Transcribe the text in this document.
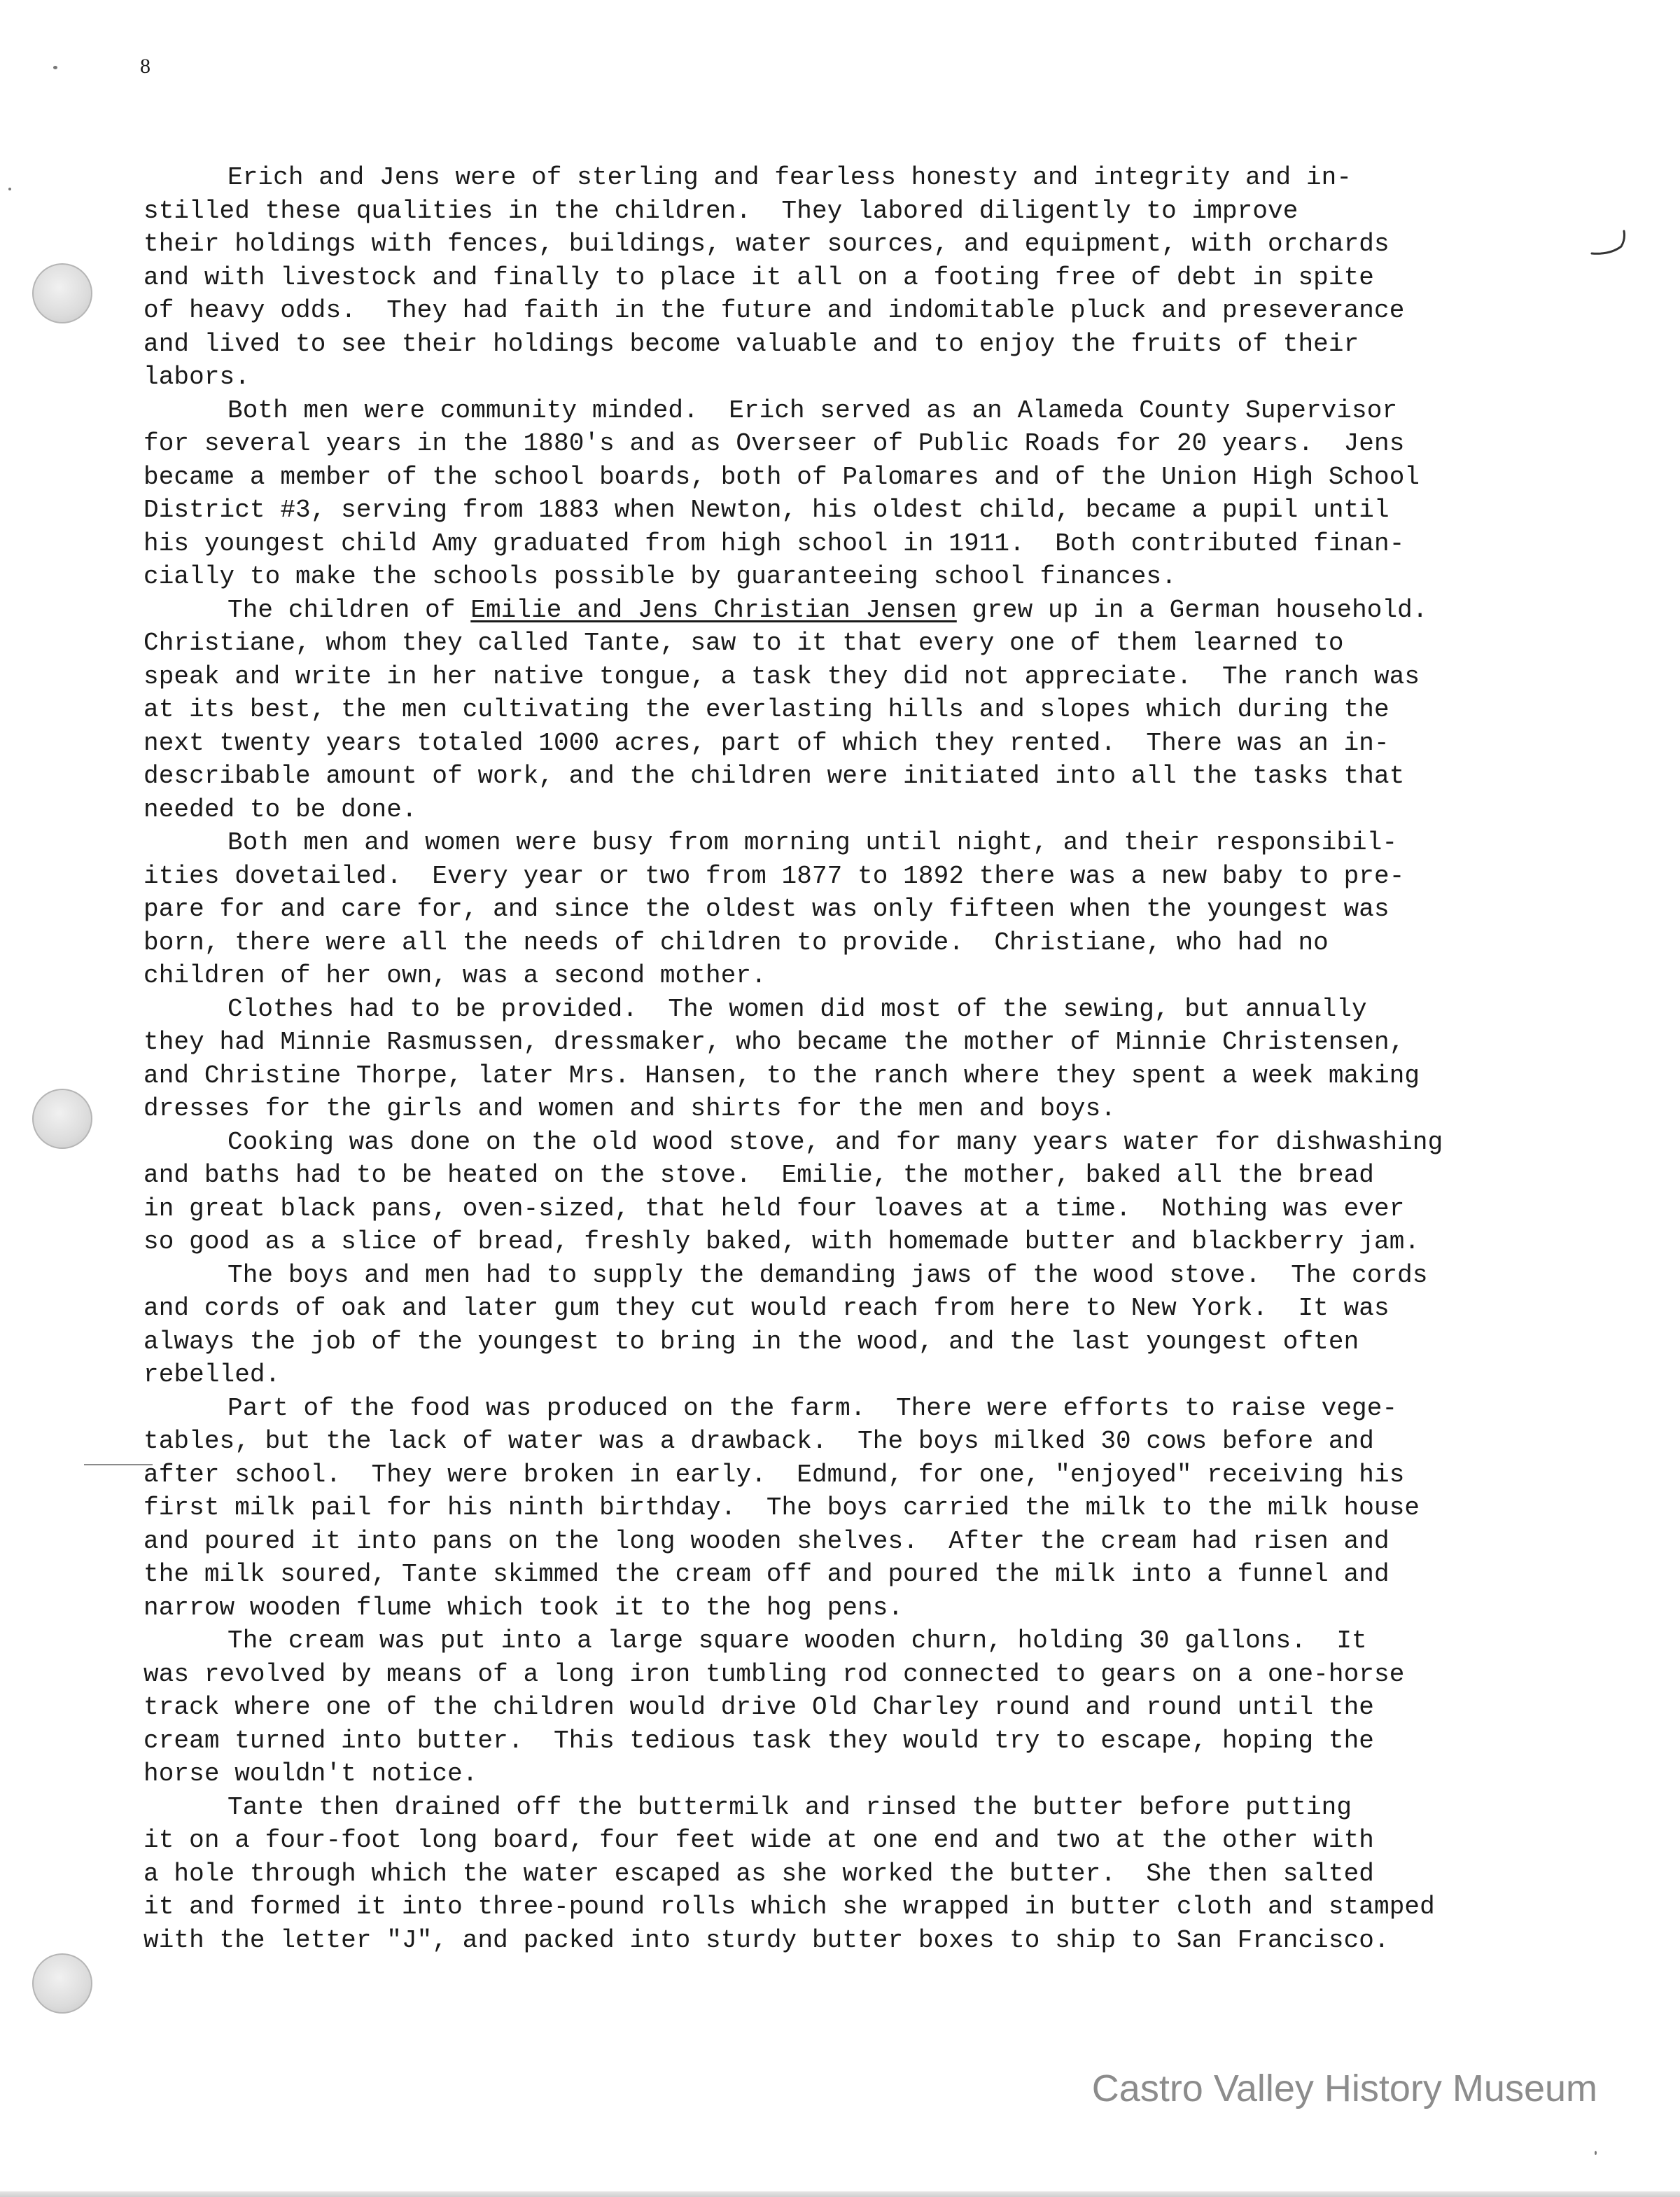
8
Erich and Jens were of sterling and fearless honesty and integrity and in-
stilled these qualities in the children.  They labored diligently to improve
their holdings with fences, buildings, water sources, and equipment, with orchards
and with livestock and finally to place it all on a footing free of debt in spite
of heavy odds.  They had faith in the future and indomitable pluck and preseverance
and lived to see their holdings become valuable and to enjoy the fruits of their
labors.
Both men were community minded.  Erich served as an Alameda County Supervisor
for several years in the 1880's and as Overseer of Public Roads for 20 years.  Jens
became a member of the school boards, both of Palomares and of the Union High School
District #3, serving from 1883 when Newton, his oldest child, became a pupil until
his youngest child Amy graduated from high school in 1911.  Both contributed finan-
cially to make the schools possible by guaranteeing school finances.
The children of Emilie and Jens Christian Jensen grew up in a German household.
Christiane, whom they called Tante, saw to it that every one of them learned to
speak and write in her native tongue, a task they did not appreciate.  The ranch was
at its best, the men cultivating the everlasting hills and slopes which during the
next twenty years totaled 1000 acres, part of which they rented.  There was an in-
describable amount of work, and the children were initiated into all the tasks that
needed to be done.
Both men and women were busy from morning until night, and their responsibil-
ities dovetailed.  Every year or two from 1877 to 1892 there was a new baby to pre-
pare for and care for, and since the oldest was only fifteen when the youngest was
born, there were all the needs of children to provide.  Christiane, who had no
children of her own, was a second mother.
Clothes had to be provided.  The women did most of the sewing, but annually
they had Minnie Rasmussen, dressmaker, who became the mother of Minnie Christensen,
and Christine Thorpe, later Mrs. Hansen, to the ranch where they spent a week making
dresses for the girls and women and shirts for the men and boys.
Cooking was done on the old wood stove, and for many years water for dishwashing
and baths had to be heated on the stove.  Emilie, the mother, baked all the bread
in great black pans, oven-sized, that held four loaves at a time.  Nothing was ever
so good as a slice of bread, freshly baked, with homemade butter and blackberry jam.
The boys and men had to supply the demanding jaws of the wood stove.  The cords
and cords of oak and later gum they cut would reach from here to New York.  It was
always the job of the youngest to bring in the wood, and the last youngest often
rebelled.
Part of the food was produced on the farm.  There were efforts to raise vege-
tables, but the lack of water was a drawback.  The boys milked 30 cows before and
after school.  They were broken in early.  Edmund, for one, "enjoyed" receiving his
first milk pail for his ninth birthday.  The boys carried the milk to the milk house
and poured it into pans on the long wooden shelves.  After the cream had risen and
the milk soured, Tante skimmed the cream off and poured the milk into a funnel and
narrow wooden flume which took it to the hog pens.
The cream was put into a large square wooden churn, holding 30 gallons.  It
was revolved by means of a long iron tumbling rod connected to gears on a one-horse
track where one of the children would drive Old Charley round and round until the
cream turned into butter.  This tedious task they would try to escape, hoping the
horse wouldn't notice.
Tante then drained off the buttermilk and rinsed the butter before putting
it on a four-foot long board, four feet wide at one end and two at the other with
a hole through which the water escaped as she worked the butter.  She then salted
it and formed it into three-pound rolls which she wrapped in butter cloth and stamped
with the letter "J", and packed into sturdy butter boxes to ship to San Francisco.
Castro Valley History Museum
